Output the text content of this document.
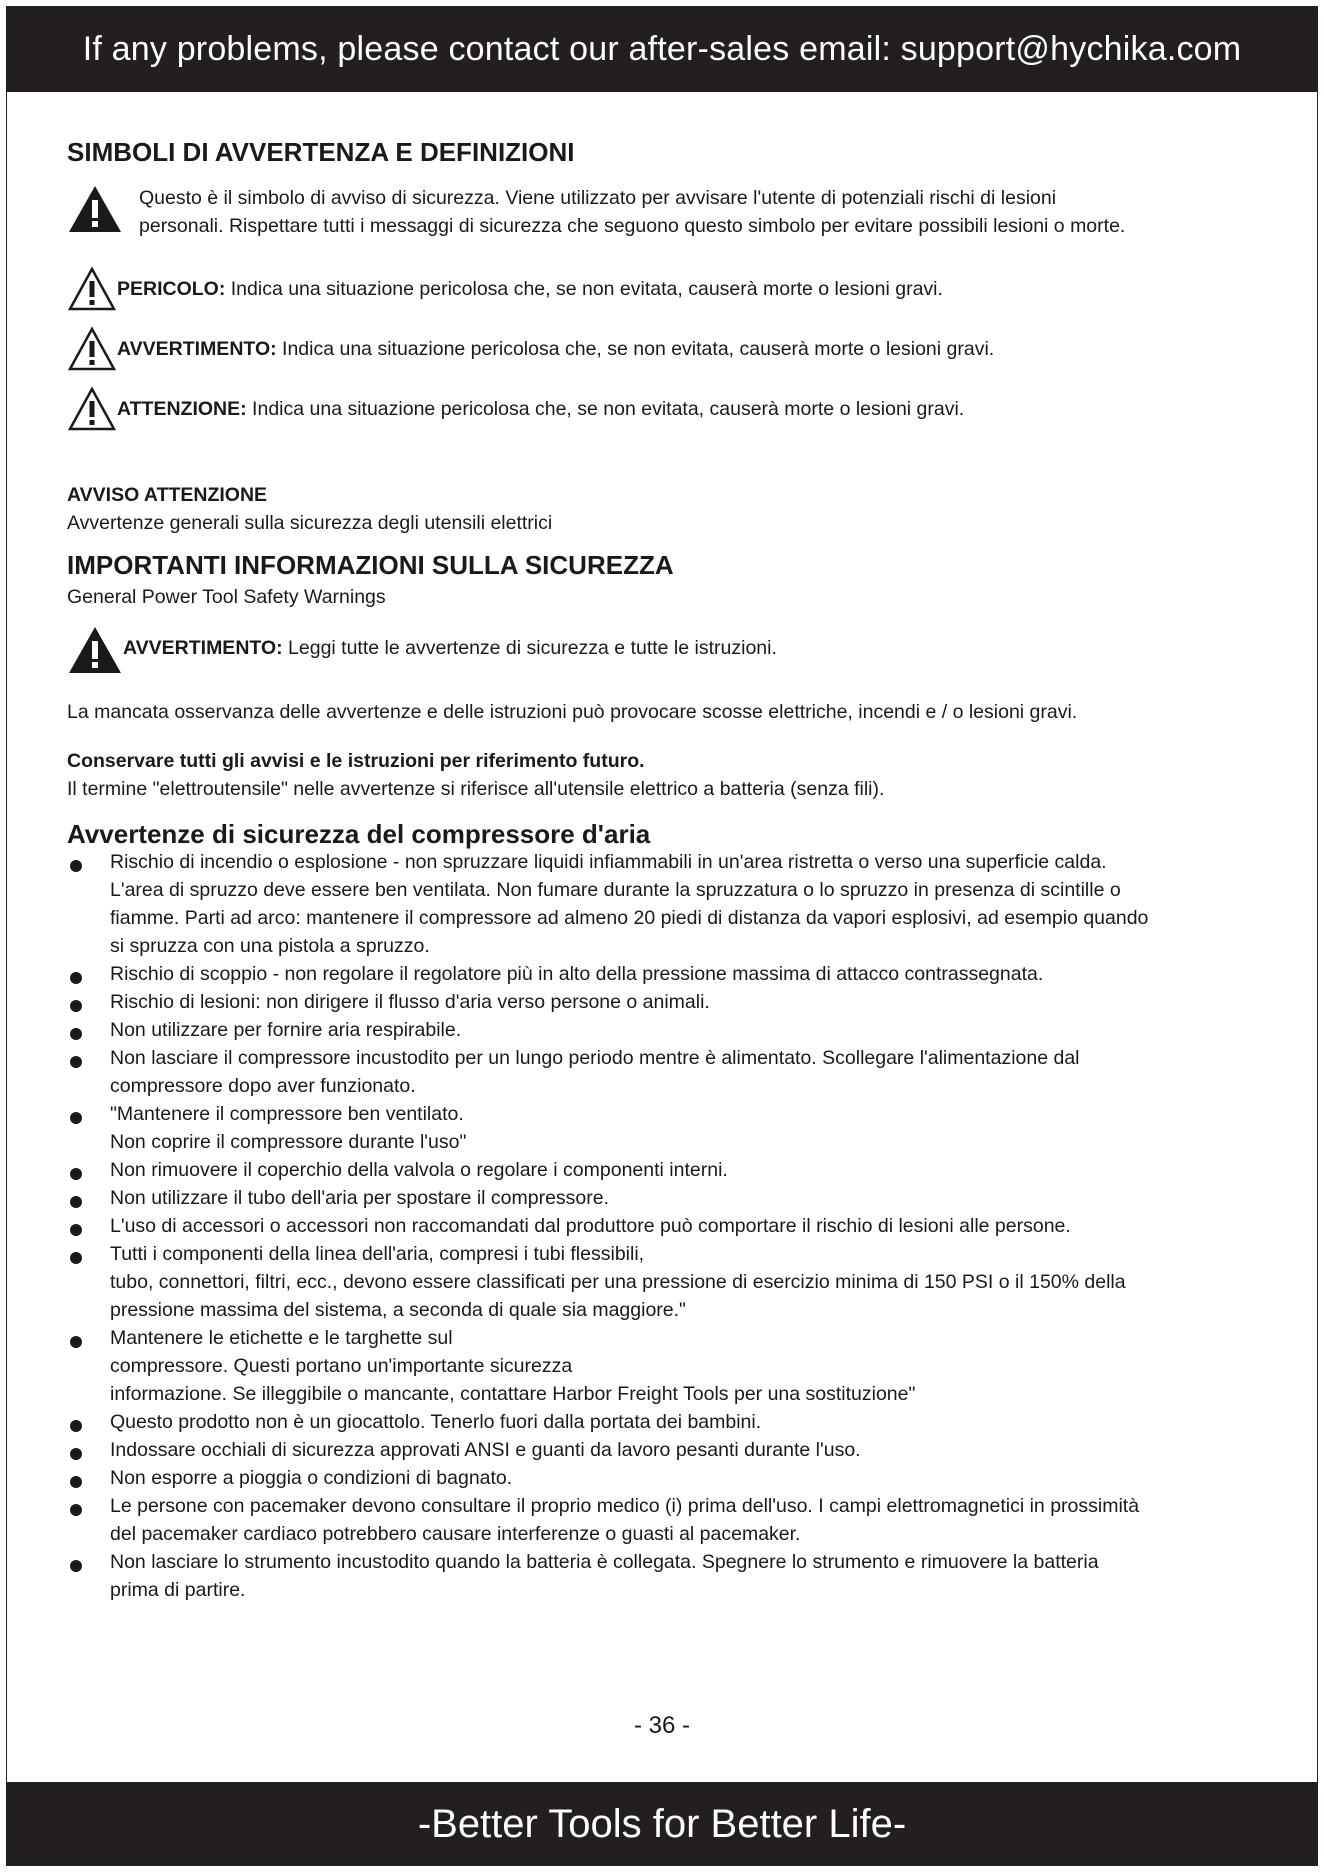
If any problems, please contact our after-sales email: support@hychika.com
SIMBOLI DI AVVERTENZA E DEFINIZIONI
Questo è il simbolo di avviso di sicurezza. Viene utilizzato per avvisare l'utente di potenziali rischi di lesioni
personali. Rispettare tutti i messaggi di sicurezza che seguono questo simbolo per evitare possibili lesioni o morte.
PERICOLO: Indica una situazione pericolosa che, se non evitata, causerà morte o lesioni gravi.
AVVERTIMENTO: Indica una situazione pericolosa che, se non evitata, causerà morte o lesioni gravi.
ATTENZIONE: Indica una situazione pericolosa che, se non evitata, causerà morte o lesioni gravi.

AVVISO ATTENZIONE

Avvertenze generali sulla sicurezza degli utensili elettrici

IMPORTANTI INFORMAZIONI SULLA SICUREZZA

General Power Tool Safety Warnings

AVVERTIMENTO: Leggi tutte le avvertenze di sicurezza e tutte le istruzioni.

La mancata osservanza delle avvertenze e delle istruzioni può provocare scosse elettriche, incendi e / o lesioni gravi.

Conservare tutti gli avvisi e le istruzioni per riferimento futuro.

Il termine "elettroutensile" nelle avvertenze si riferisce all'utensile elettrico a batteria (senza fili).

Avvertenze di sicurezza del compressore d'aria
Rischio di incendio o esplosione - non spruzzare liquidi infiammabili in un'area ristretta o verso una superficie calda.
L'area di spruzzo deve essere ben ventilata. Non fumare durante la spruzzatura o lo spruzzo in presenza di scintille o
fiamme. Parti ad arco: mantenere il compressore ad almeno 20 piedi di distanza da vapori esplosivi, ad esempio quando
si spruzza con una pistola a spruzzo.
Rischio di scoppio - non regolare il regolatore più in alto della pressione massima di attacco contrassegnata.
Rischio di lesioni: non dirigere il flusso d'aria verso persone o animali.
Non utilizzare per fornire aria respirabile.
Non lasciare il compressore incustodito per un lungo periodo mentre è alimentato. Scollegare l'alimentazione dal
compressore dopo aver funzionato.
"Mantenere il compressore ben ventilato.
Non coprire il compressore durante l'uso"
Non rimuovere il coperchio della valvola o regolare i componenti interni.
Non utilizzare il tubo dell'aria per spostare il compressore.
L'uso di accessori o accessori non raccomandati dal produttore può comportare il rischio di lesioni alle persone.
Tutti i componenti della linea dell'aria, compresi i tubi flessibili,
tubo, connettori, filtri, ecc., devono essere classificati per una pressione di esercizio minima di 150 PSI o il 150% della
pressione massima del sistema, a seconda di quale sia maggiore."
Mantenere le etichette e le targhette sul
compressore. Questi portano un'importante sicurezza
informazione. Se illeggibile o mancante, contattare Harbor Freight Tools per una sostituzione"
Questo prodotto non è un giocattolo. Tenerlo fuori dalla portata dei bambini.
Indossare occhiali di sicurezza approvati ANSI e guanti da lavoro pesanti durante l'uso.
Non esporre a pioggia o condizioni di bagnato.
Le persone con pacemaker devono consultare il proprio medico (i) prima dell'uso. I campi elettromagnetici in prossimità
del pacemaker cardiaco potrebbero causare interferenze o guasti al pacemaker.
Non lasciare lo strumento incustodito quando la batteria è collegata. Spegnere lo strumento e rimuovere la batteria
prima di partire.
- 36 -
-Better Tools for Better Life-
